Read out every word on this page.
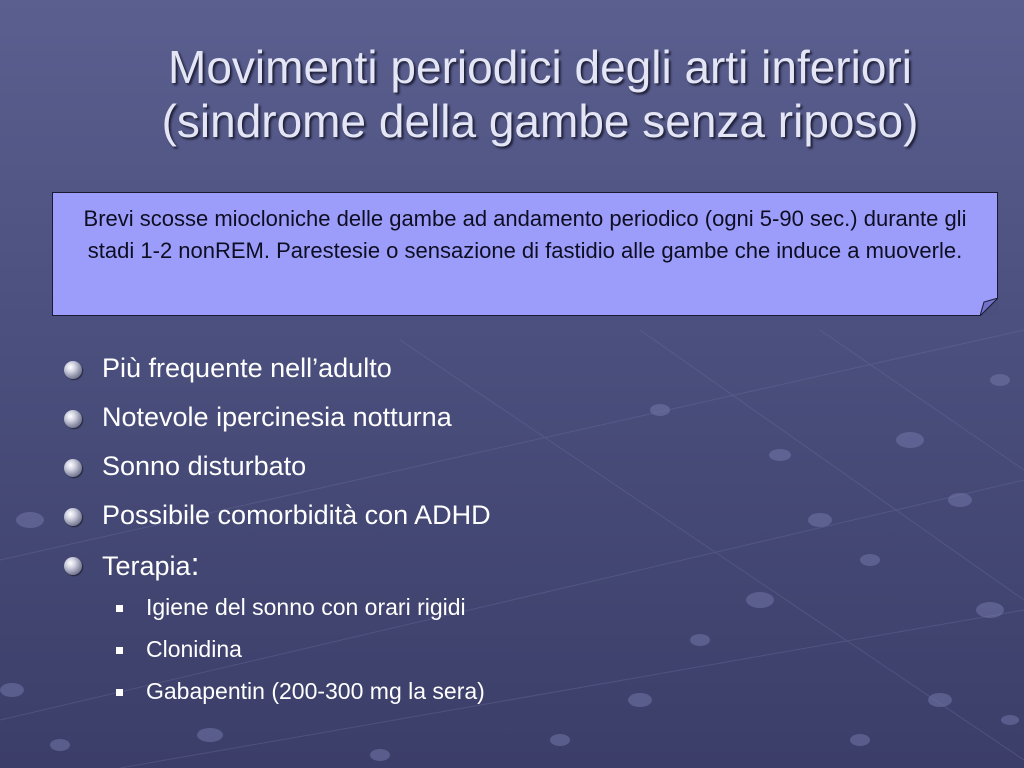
Movimenti periodici degli arti inferiori
(sindrome della gambe senza riposo)
Brevi scosse miocloniche delle gambe ad andamento periodico (ogni 5-90 sec.) durante gli stadi 1-2 nonREM. Parestesie o sensazione di fastidio alle gambe che induce a muoverle.
Più frequente nell’adulto
Notevole ipercinesia notturna
Sonno disturbato
Possibile comorbidità con ADHD
Terapia:
Igiene del sonno con orari rigidi
Clonidina
Gabapentin (200-300 mg la sera)
